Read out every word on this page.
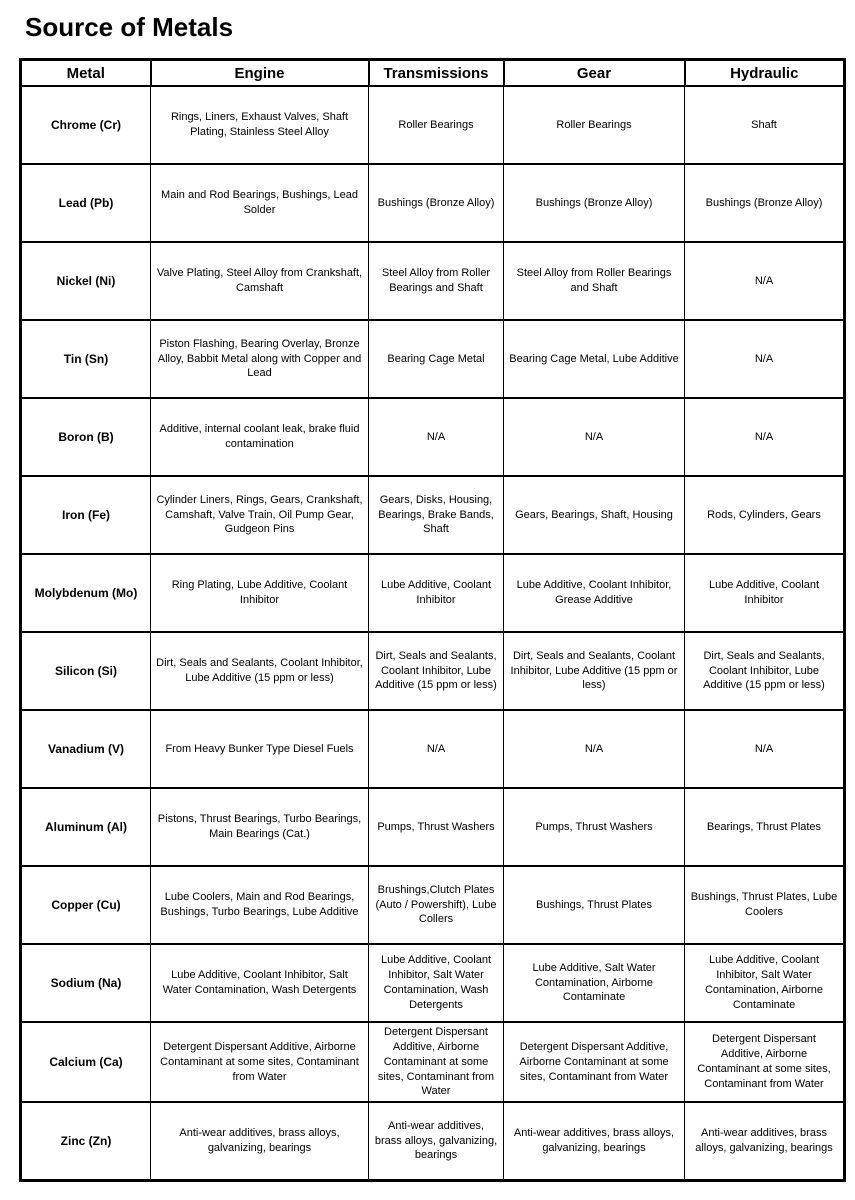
Source of Metals
Metal	Engine	Transmissions	Gear	Hydraulic
Chrome (Cr)	Rings, Liners, Exhaust Valves, Shaft Plating, Stainless Steel Alloy	Roller Bearings	Roller Bearings	Shaft
Lead (Pb)	Main and Rod Bearings, Bushings, Lead Solder	Bushings (Bronze Alloy)	Bushings (Bronze Alloy)	Bushings (Bronze Alloy)
Nickel (Ni)	Valve Plating, Steel Alloy from Crankshaft, Camshaft	Steel Alloy from Roller Bearings and Shaft	Steel Alloy from Roller Bearings and Shaft	N/A
Tin (Sn)	Piston Flashing, Bearing Overlay, Bronze Alloy, Babbit Metal along with Copper and Lead	Bearing Cage Metal	Bearing Cage Metal, Lube Additive	N/A
Boron (B)	Additive, internal coolant leak, brake fluid contamination	N/A	N/A	N/A
Iron (Fe)	Cylinder Liners, Rings, Gears, Crankshaft, Camshaft, Valve Train, Oil Pump Gear, Gudgeon Pins	Gears, Disks, Housing, Bearings, Brake Bands, Shaft	Gears, Bearings, Shaft, Housing	Rods, Cylinders, Gears
Molybdenum (Mo)	Ring Plating, Lube Additive, Coolant Inhibitor	Lube Additive, Coolant Inhibitor	Lube Additive, Coolant Inhibitor, Grease Additive	Lube Additive, Coolant Inhibitor
Silicon (Si)	Dirt, Seals and Sealants, Coolant Inhibitor, Lube Additive (15 ppm or less)	Dirt, Seals and Sealants, Coolant Inhibitor, Lube Additive (15 ppm or less)	Dirt, Seals and Sealants, Coolant Inhibitor, Lube Additive (15 ppm or less)	Dirt, Seals and Sealants, Coolant Inhibitor, Lube Additive (15 ppm or less)
Vanadium (V)	From Heavy Bunker Type Diesel Fuels	N/A	N/A	N/A
Aluminum (Al)	Pistons, Thrust Bearings, Turbo Bearings, Main Bearings (Cat.)	Pumps, Thrust Washers	Pumps, Thrust Washers	Bearings, Thrust Plates
Copper (Cu)	Lube Coolers, Main and Rod Bearings, Bushings, Turbo Bearings, Lube Additive	Brushings,Clutch Plates (Auto / Powershift), Lube Collers	Bushings, Thrust Plates	Bushings, Thrust Plates, Lube Coolers
Sodium (Na)	Lube Additive, Coolant Inhibitor, Salt Water Contamination, Wash Detergents	Lube Additive, Coolant Inhibitor, Salt Water Contamination, Wash Detergents	Lube Additive, Salt Water Contamination, Airborne Contaminate	Lube Additive, Coolant Inhibitor, Salt Water Contamination, Airborne Contaminate
Calcium (Ca)	Detergent Dispersant Additive, Airborne Contaminant at some sites, Contaminant from Water	Detergent Dispersant Additive, Airborne Contaminant at some sites, Contaminant from Water	Detergent Dispersant Additive, Airborne Contaminant at some sites, Contaminant from Water	Detergent Dispersant Additive, Airborne Contaminant at some sites, Contaminant from Water
Zinc (Zn)	Anti-wear additives, brass alloys, galvanizing, bearings	Anti-wear additives, brass alloys, galvanizing, bearings	Anti-wear additives, brass alloys, galvanizing, bearings	Anti-wear additives, brass alloys, galvanizing, bearings
